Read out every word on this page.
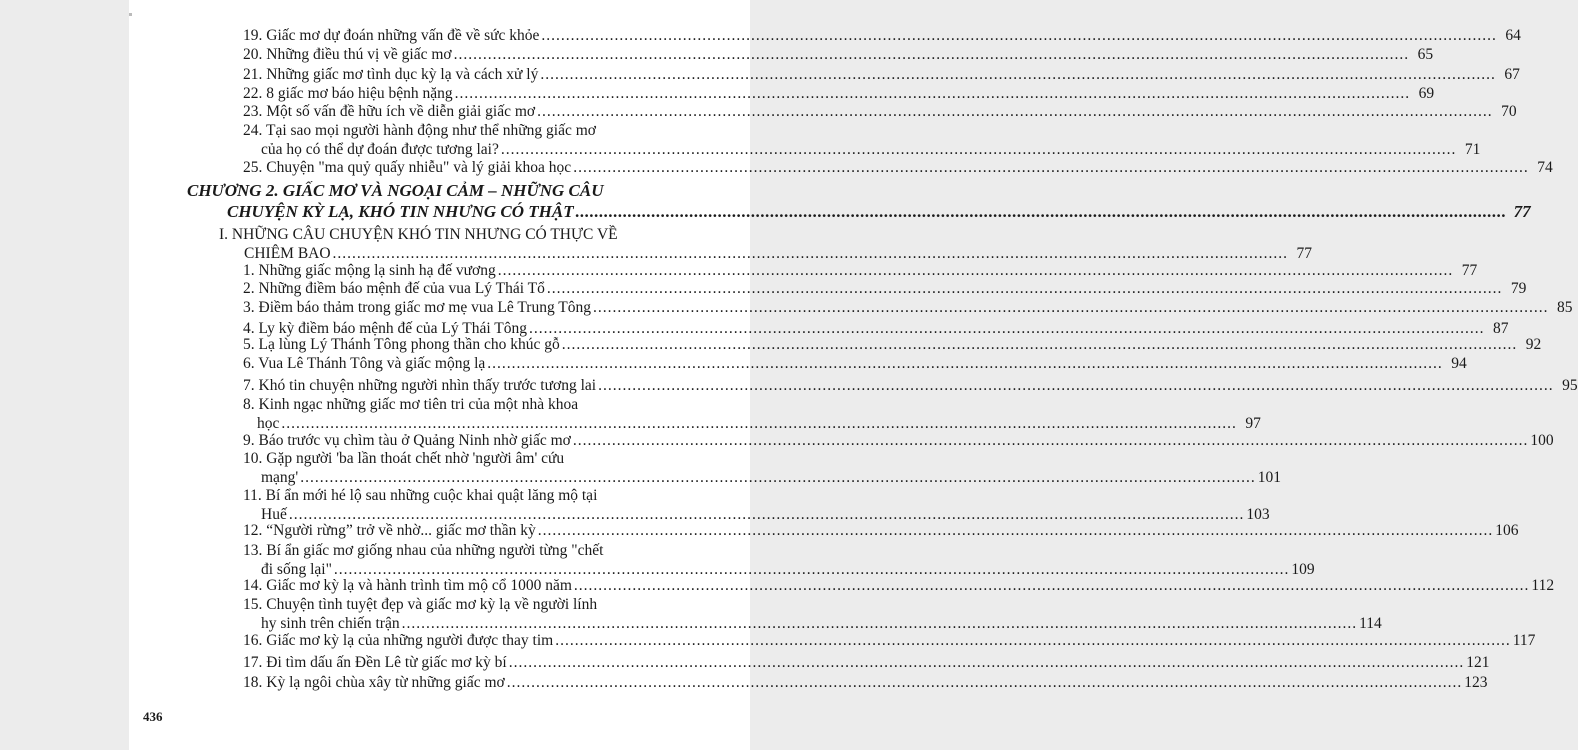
19. Giấc mơ dự đoán những vấn đề về sức khỏe .....	64
20. Những điều thú vị về giấc mơ .....	65
21. Những giấc mơ tình dục kỳ lạ và cách xử lý .....	67
22. 8 giấc mơ báo hiệu bệnh nặng .....	69
23. Một số vấn đề hữu ích về diễn giải giấc mơ .....	70
24. Tại sao mọi người hành động như thể những giấc mơ
của họ có thể dự đoán được tương lai? .....	71
25. Chuyện "ma quỷ quấy nhiễu" và lý giải khoa học .....	74
CHƯƠNG 2. GIẤC MƠ VÀ NGOẠI CẢM – NHỮNG CÂU
CHUYỆN KỲ LẠ, KHÓ TIN NHƯNG CÓ THẬT .....	77
I. NHỮNG CÂU CHUYỆN KHÓ TIN NHƯNG CÓ THỰC VỀ
CHIÊM BAO .....	77
1. Những giấc mộng lạ sinh hạ đế vương .....	77
2. Những điềm báo mệnh đế của vua Lý Thái Tổ .....	79
3. Điềm báo thảm trong giấc mơ mẹ vua Lê Trung Tông .....	85
4. Ly kỳ điềm báo mệnh đế của Lý Thái Tông .....	87
5. Lạ lùng Lý Thánh Tông phong thần cho khúc gỗ .....	92
6. Vua Lê Thánh Tông và giấc mộng lạ .....	94
7. Khó tin chuyện những người nhìn thấy trước tương lai .....	95
8. Kinh ngạc những giấc mơ tiên tri của một nhà khoa
học .....	97
9. Báo trước vụ chìm tàu ở Quảng Ninh nhờ giấc mơ .....	100
10. Gặp người 'ba lần thoát chết nhờ 'người âm' cứu
mạng' .....	101
11. Bí ẩn mới hé lộ sau những cuộc khai quật lăng mộ tại
Huế .....	103
12. “Người rừng” trở về nhờ... giấc mơ thần kỳ .....	106
13. Bí ẩn giấc mơ giống nhau của những người từng "chết
đi sống lại" .....	109
14. Giấc mơ kỳ lạ và hành trình tìm mộ cổ 1000 năm .....	112
15. Chuyện tình tuyệt đẹp và giấc mơ kỳ lạ về người lính
hy sinh trên chiến trận .....	114
16. Giấc mơ kỳ lạ của những người được thay tim .....	117
17. Đi tìm dấu ấn Đền Lê từ giấc mơ kỳ bí .....	121
18. Kỳ lạ ngôi chùa xây từ những giấc mơ .....	123
436
